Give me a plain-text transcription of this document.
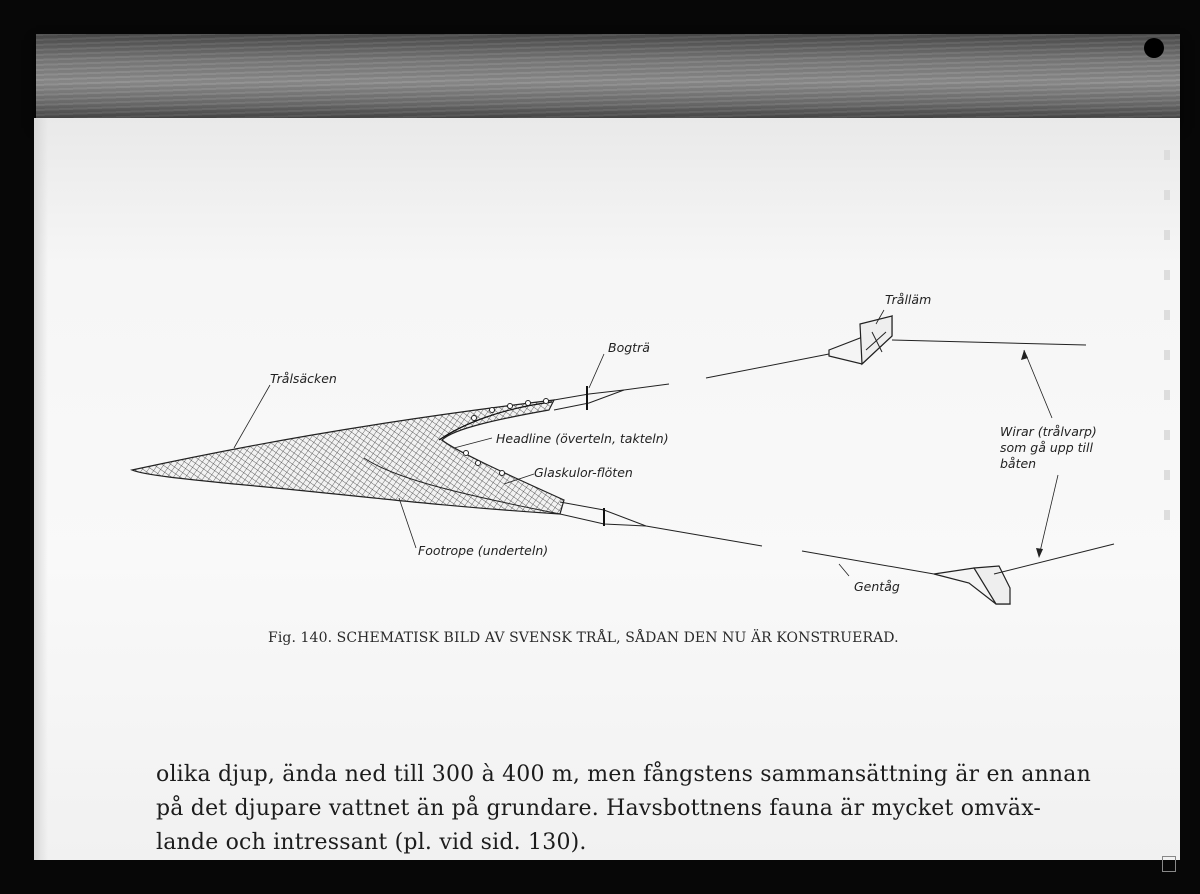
Trålsäcken
Bogträ
Headline (överteln, takteln)
Glaskulor-flöten
Footrope (underteln)
Trålläm
Wirar (trålvarp)
som gå upp till
båten
Gentåg
Fig. 140. SCHEMATISK BILD AV SVENSK TRÅL, SÅDAN DEN NU ÄR KONSTRUERAD.

olika djup, ända ned till 300 à 400 m, men fångstens sammansättning är en annan

på det djupare vattnet än på grundare. Havsbottnens fauna är mycket omväx-

lande och intressant (pl. vid sid. 130).
